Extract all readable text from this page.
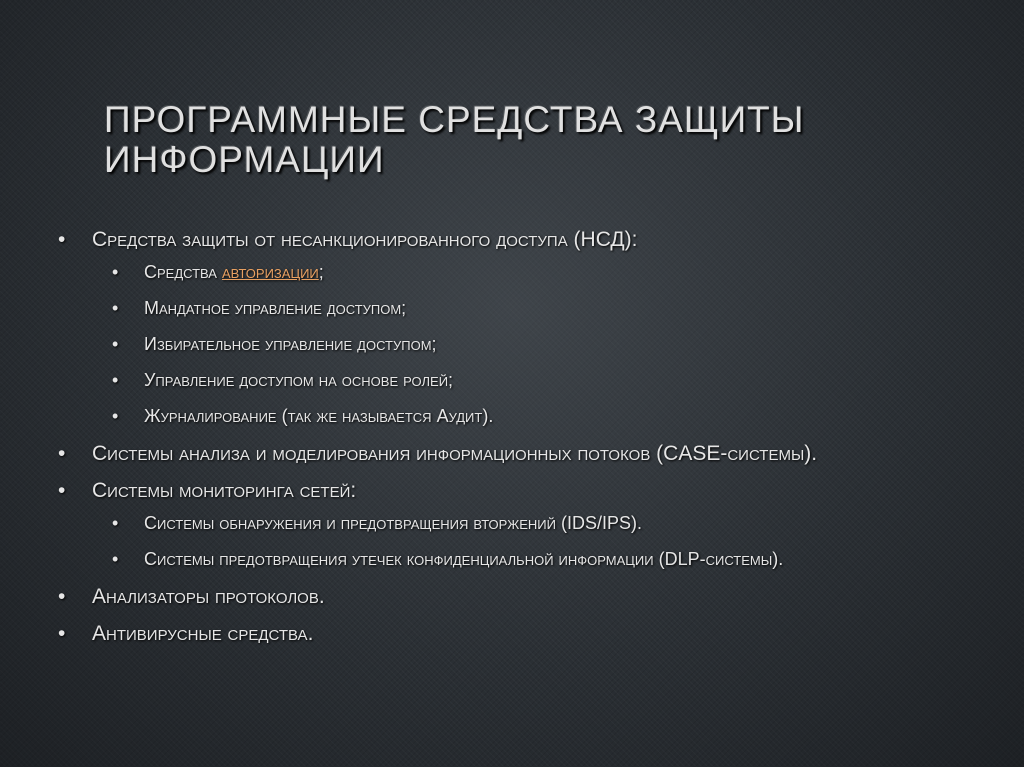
ПРОГРАММНЫЕ СРЕДСТВА ЗАЩИТЫ
ИНФОРМАЦИИ
• Средства защиты от несанкционированного доступа (НСД):
• Средства авторизации;
• Мандатное управление доступом;
• Избирательное управление доступом;
• Управление доступом на основе ролей;
• Журналирование (так же называется Аудит).
• Системы анализа и моделирования информационных потоков (CASE-системы).
• Системы мониторинга сетей:
• Системы обнаружения и предотвращения вторжений (IDS/IPS).
• Системы предотвращения утечек конфиденциальной информации (DLP-системы).
• Анализаторы протоколов.
• Антивирусные средства.
